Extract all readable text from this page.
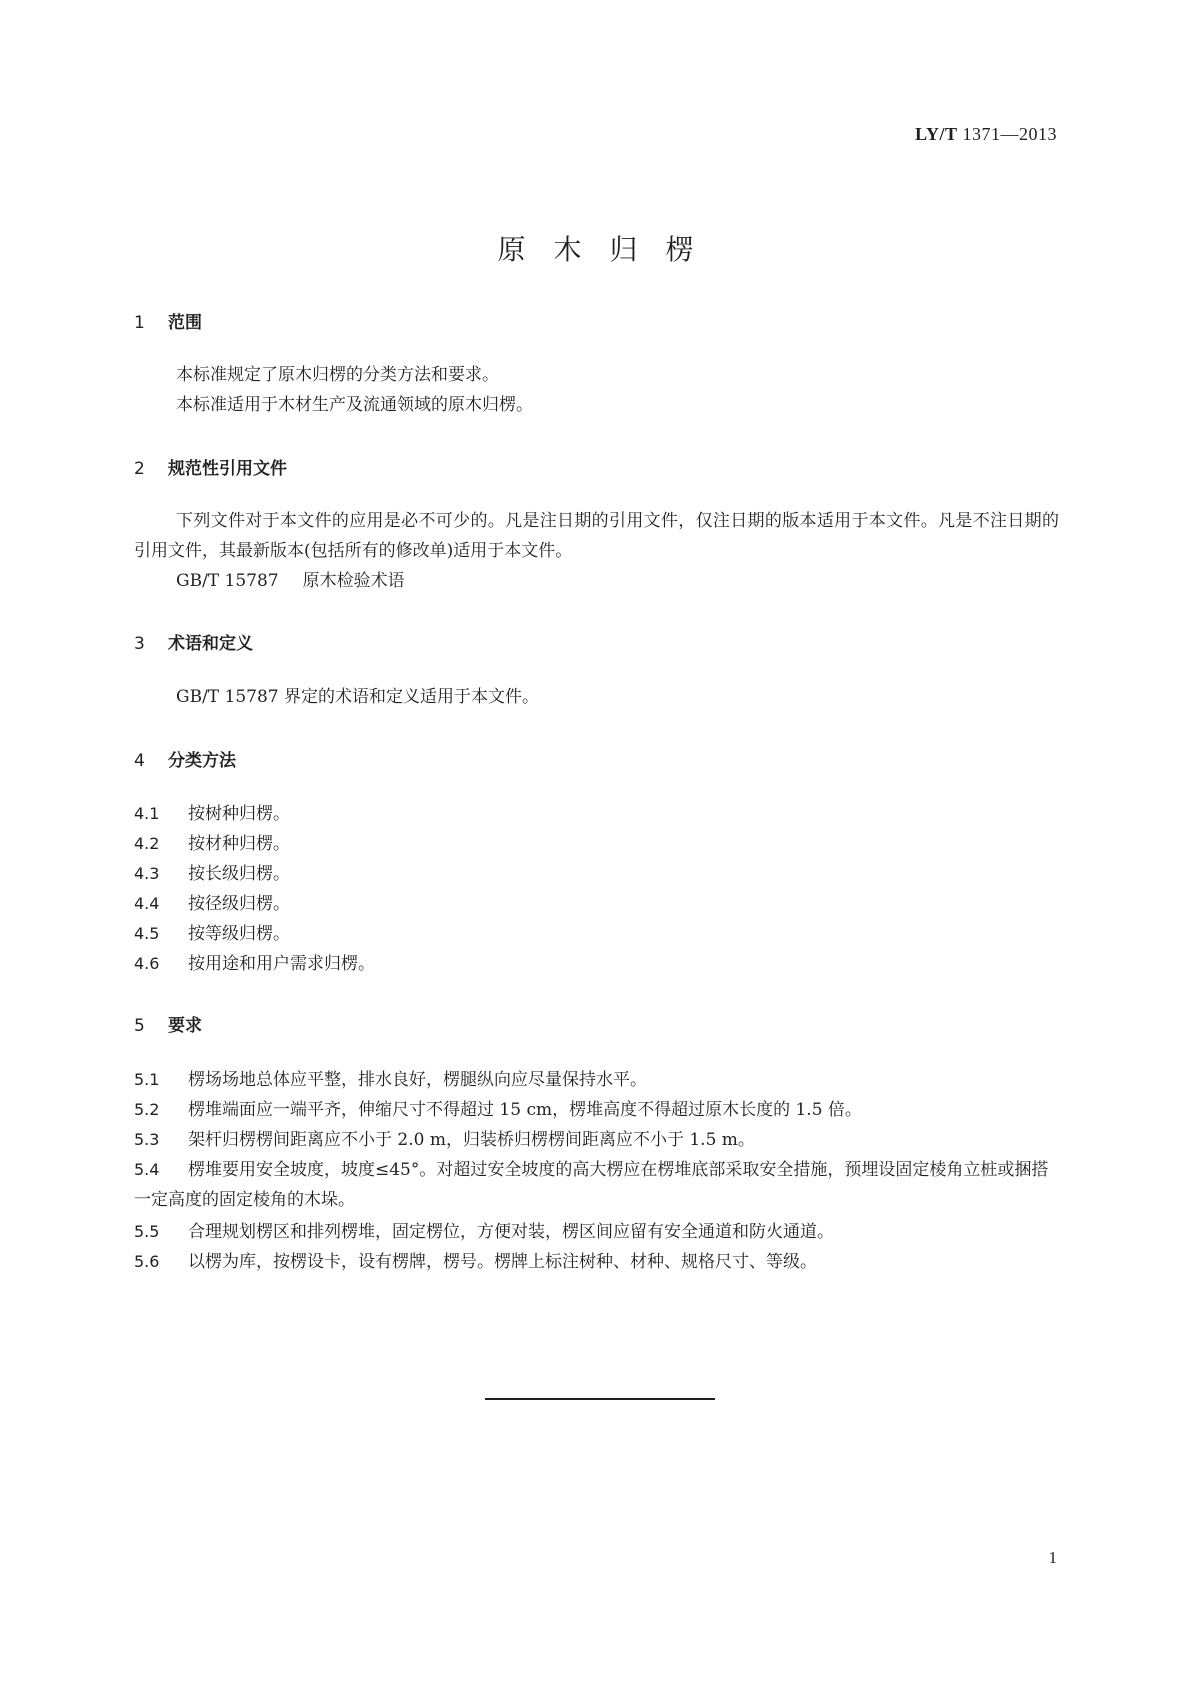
LY/T 1371—2013
原木归楞
1 范围
本标准规定了原木归楞的分类方法和要求。
本标准适用于木材生产及流通领域的原木归楞。
2 规范性引用文件
下列文件对于本文件的应用是必不可少的。凡是注日期的引用文件，仅注日期的版本适用于本文件。凡是不注日期的引用文件，其最新版本(包括所有的修改单)适用于本文件。
GB/T 15787 原木检验术语
3 术语和定义
GB/T 15787 界定的术语和定义适用于本文件。
4 分类方法
4.1 按树种归楞。
4.2 按材种归楞。
4.3 按长级归楞。
4.4 按径级归楞。
4.5 按等级归楞。
4.6 按用途和用户需求归楞。
5 要求
5.1 楞场场地总体应平整，排水良好，楞腿纵向应尽量保持水平。
5.2 楞堆端面应一端平齐，伸缩尺寸不得超过 15 cm，楞堆高度不得超过原木长度的 1.5 倍。
5.3 架杆归楞楞间距离应不小于 2.0 m，归装桥归楞楞间距离应不小于 1.5 m。
5.4 楞堆要用安全坡度，坡度≤45°。对超过安全坡度的高大楞应在楞堆底部采取安全措施，预埋设固定棱角立桩或捆搭一定高度的固定棱角的木垛。
5.5 合理规划楞区和排列楞堆，固定楞位，方便对装，楞区间应留有安全通道和防火通道。
5.6 以楞为库，按楞设卡，设有楞牌，楞号。楞牌上标注树种、材种、规格尺寸、等级。
1
